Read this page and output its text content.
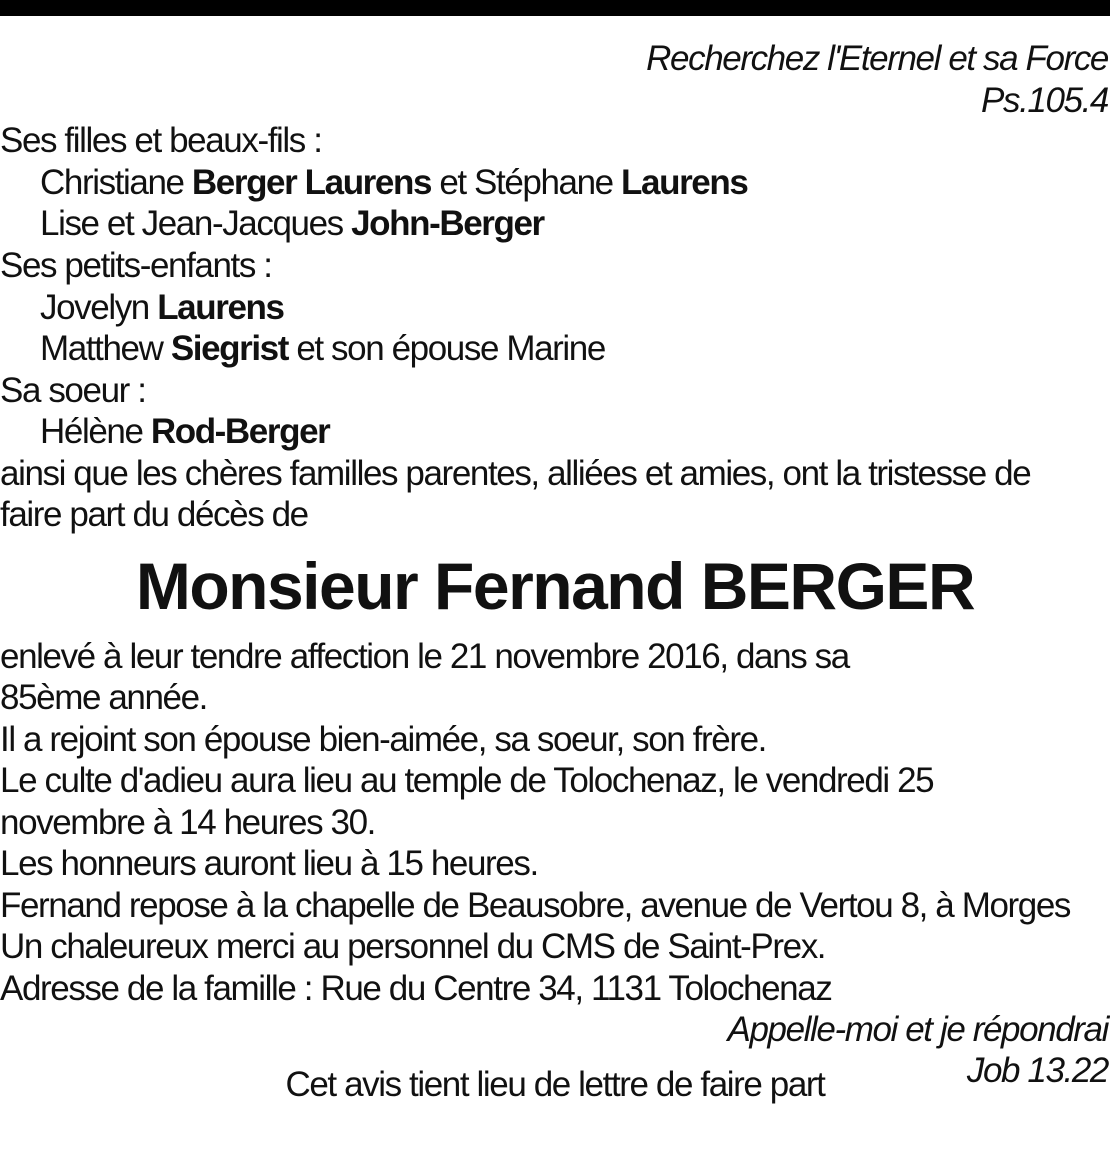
Recherchez l'Eternel et sa Force
Ps.105.4
Ses filles et beaux-fils :
Christiane Berger Laurens et Stéphane Laurens
Lise et Jean-Jacques John-Berger
Ses petits-enfants :
Jovelyn Laurens
Matthew Siegrist et son épouse Marine
Sa soeur :
Hélène Rod-Berger
ainsi que les chères familles parentes, alliées et amies, ont la tristesse de
faire part du décès de
Monsieur Fernand BERGER
enlevé à leur tendre affection le 21 novembre 2016, dans sa
85ème année.
Il a rejoint son épouse bien-aimée, sa soeur, son frère.
Le culte d'adieu aura lieu au temple de Tolochenaz, le vendredi 25
novembre à 14 heures 30.
Les honneurs auront lieu à 15 heures.
Fernand repose à la chapelle de Beausobre, avenue de Vertou 8, à Morges
Un chaleureux merci au personnel du CMS de Saint-Prex.
Adresse de la famille : Rue du Centre 34, 1131 Tolochenaz
Appelle-moi et je répondrai
Job 13.22
Cet avis tient lieu de lettre de faire part
